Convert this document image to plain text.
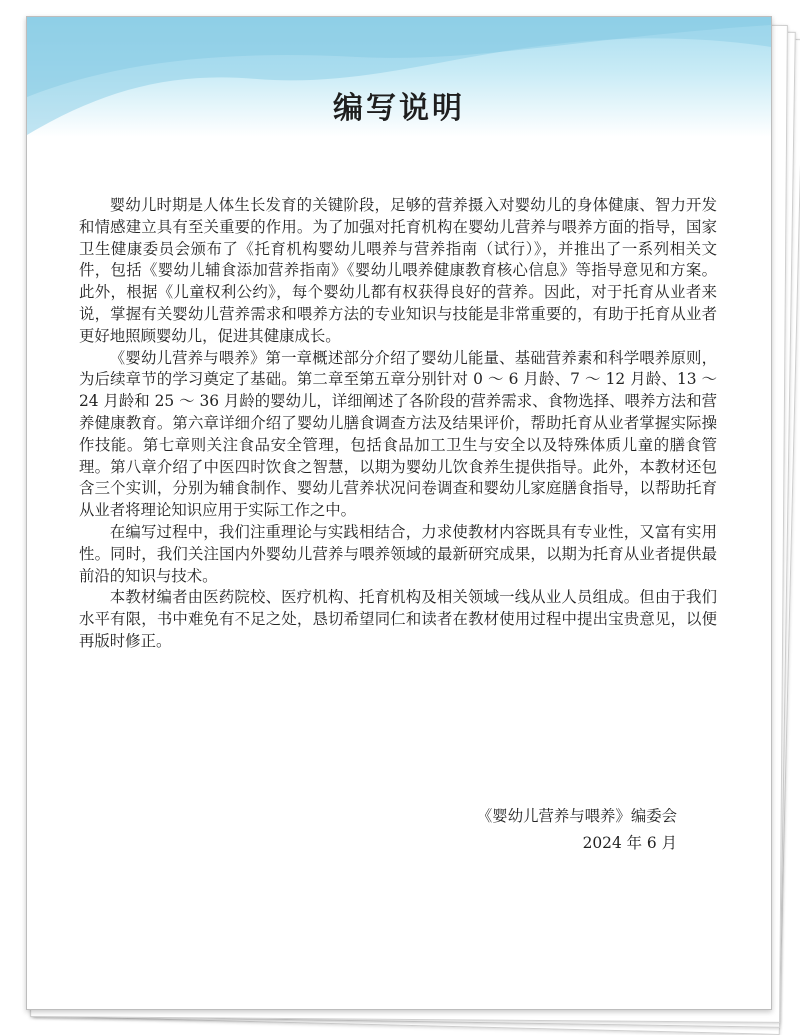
编写说明

婴幼儿时期是人体生长发育的关键阶段，足够的营养摄入对婴幼儿的身体健康、智力开发和情感建立具有至关重要的作用。为了加强对托育机构在婴幼儿营养与喂养方面的指导，国家卫生健康委员会颁布了《托育机构婴幼儿喂养与营养指南（试行）》，并推出了一系列相关文件，包括《婴幼儿辅食添加营养指南》《婴幼儿喂养健康教育核心信息》等指导意见和方案。此外，根据《儿童权利公约》，每个婴幼儿都有权获得良好的营养。因此，对于托育从业者来说，掌握有关婴幼儿营养需求和喂养方法的专业知识与技能是非常重要的，有助于托育从业者更好地照顾婴幼儿，促进其健康成长。

《婴幼儿营养与喂养》第一章概述部分介绍了婴幼儿能量、基础营养素和科学喂养原则，为后续章节的学习奠定了基础。第二章至第五章分别针对 0 ～ 6 月龄、7 ～ 12 月龄、13 ～ 24 月龄和 25 ～ 36 月龄的婴幼儿，详细阐述了各阶段的营养需求、食物选择、喂养方法和营养健康教育。第六章详细介绍了婴幼儿膳食调查方法及结果评价，帮助托育从业者掌握实际操作技能。第七章则关注食品安全管理，包括食品加工卫生与安全以及特殊体质儿童的膳食管理。第八章介绍了中医四时饮食之智慧，以期为婴幼儿饮食养生提供指导。此外，本教材还包含三个实训，分别为辅食制作、婴幼儿营养状况问卷调查和婴幼儿家庭膳食指导，以帮助托育从业者将理论知识应用于实际工作之中。

在编写过程中，我们注重理论与实践相结合，力求使教材内容既具有专业性，又富有实用性。同时，我们关注国内外婴幼儿营养与喂养领域的最新研究成果，以期为托育从业者提供最前沿的知识与技术。

本教材编者由医药院校、医疗机构、托育机构及相关领域一线从业人员组成。但由于我们水平有限，书中难免有不足之处，恳切希望同仁和读者在教材使用过程中提出宝贵意见，以便再版时修正。

《婴幼儿营养与喂养》编委会
2024 年 6 月
